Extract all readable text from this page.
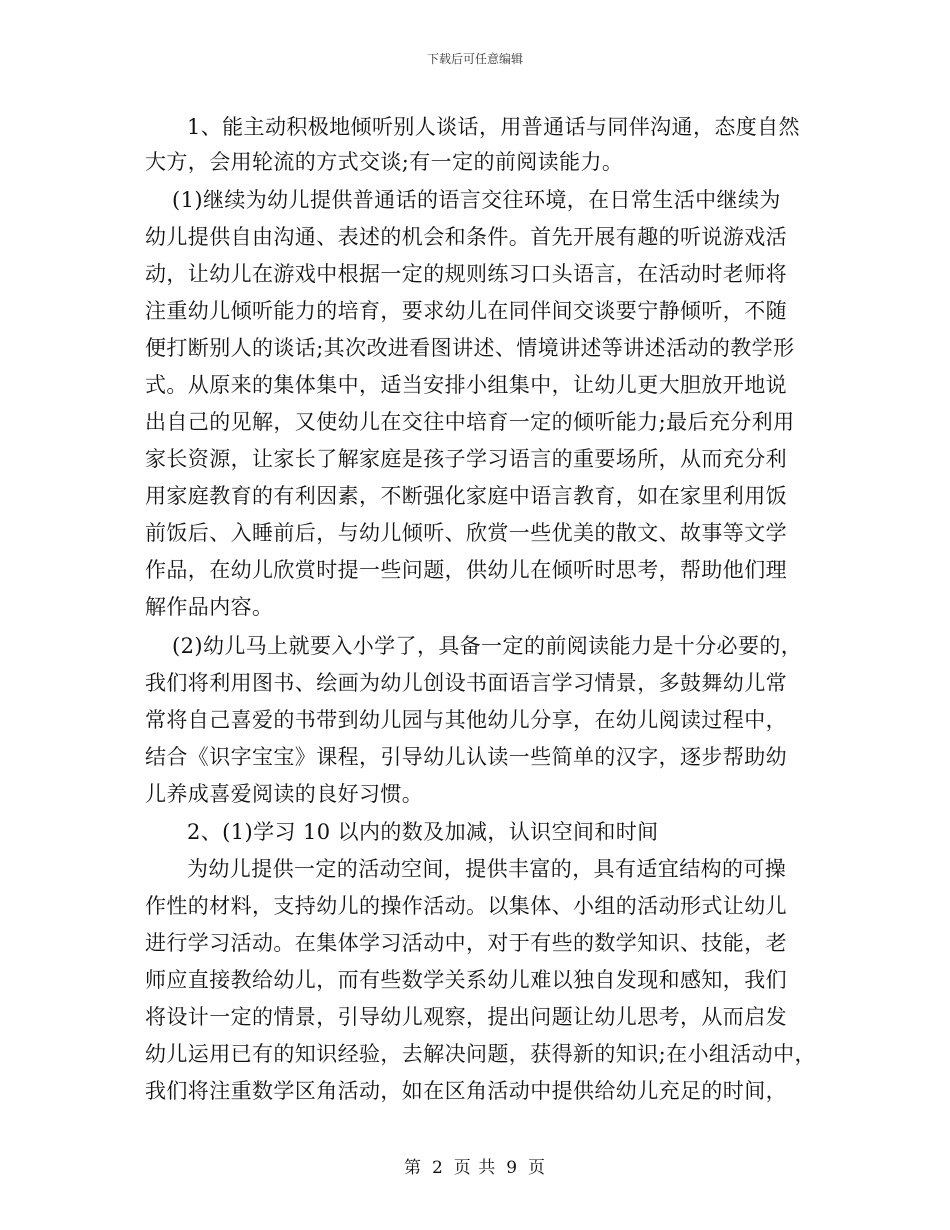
下载后可任意编辑
1、能主动积极地倾听别人谈话，用普通话与同伴沟通，态度自然
大方，会用轮流的方式交谈;有一定的前阅读能力。
(1)继续为幼儿提供普通话的语言交往环境，在日常生活中继续为
幼儿提供自由沟通、表述的机会和条件。首先开展有趣的听说游戏活
动，让幼儿在游戏中根据一定的规则练习口头语言，在活动时老师将
注重幼儿倾听能力的培育，要求幼儿在同伴间交谈要宁静倾听，不随
便打断别人的谈话;其次改进看图讲述、情境讲述等讲述活动的教学形
式。从原来的集体集中，适当安排小组集中，让幼儿更大胆放开地说
出自己的见解，又使幼儿在交往中培育一定的倾听能力;最后充分利用
家长资源，让家长了解家庭是孩子学习语言的重要场所，从而充分利
用家庭教育的有利因素，不断强化家庭中语言教育，如在家里利用饭
前饭后、入睡前后，与幼儿倾听、欣赏一些优美的散文、故事等文学
作品，在幼儿欣赏时提一些问题，供幼儿在倾听时思考，帮助他们理
解作品内容。
(2)幼儿马上就要入小学了，具备一定的前阅读能力是十分必要的，
我们将利用图书、绘画为幼儿创设书面语言学习情景，多鼓舞幼儿常
常将自己喜爱的书带到幼儿园与其他幼儿分享，在幼儿阅读过程中，
结合《识字宝宝》课程，引导幼儿认读一些简单的汉字，逐步帮助幼
儿养成喜爱阅读的良好习惯。
2、(1)学习 10 以内的数及加减，认识空间和时间
为幼儿提供一定的活动空间，提供丰富的，具有适宜结构的可操
作性的材料，支持幼儿的操作活动。以集体、小组的活动形式让幼儿
进行学习活动。在集体学习活动中，对于有些的数学知识、技能，老
师应直接教给幼儿，而有些数学关系幼儿难以独自发现和感知，我们
将设计一定的情景，引导幼儿观察，提出问题让幼儿思考，从而启发
幼儿运用已有的知识经验，去解决问题，获得新的知识;在小组活动中，
我们将注重数学区角活动，如在区角活动中提供给幼儿充足的时间，
第 2 页 共 9 页
